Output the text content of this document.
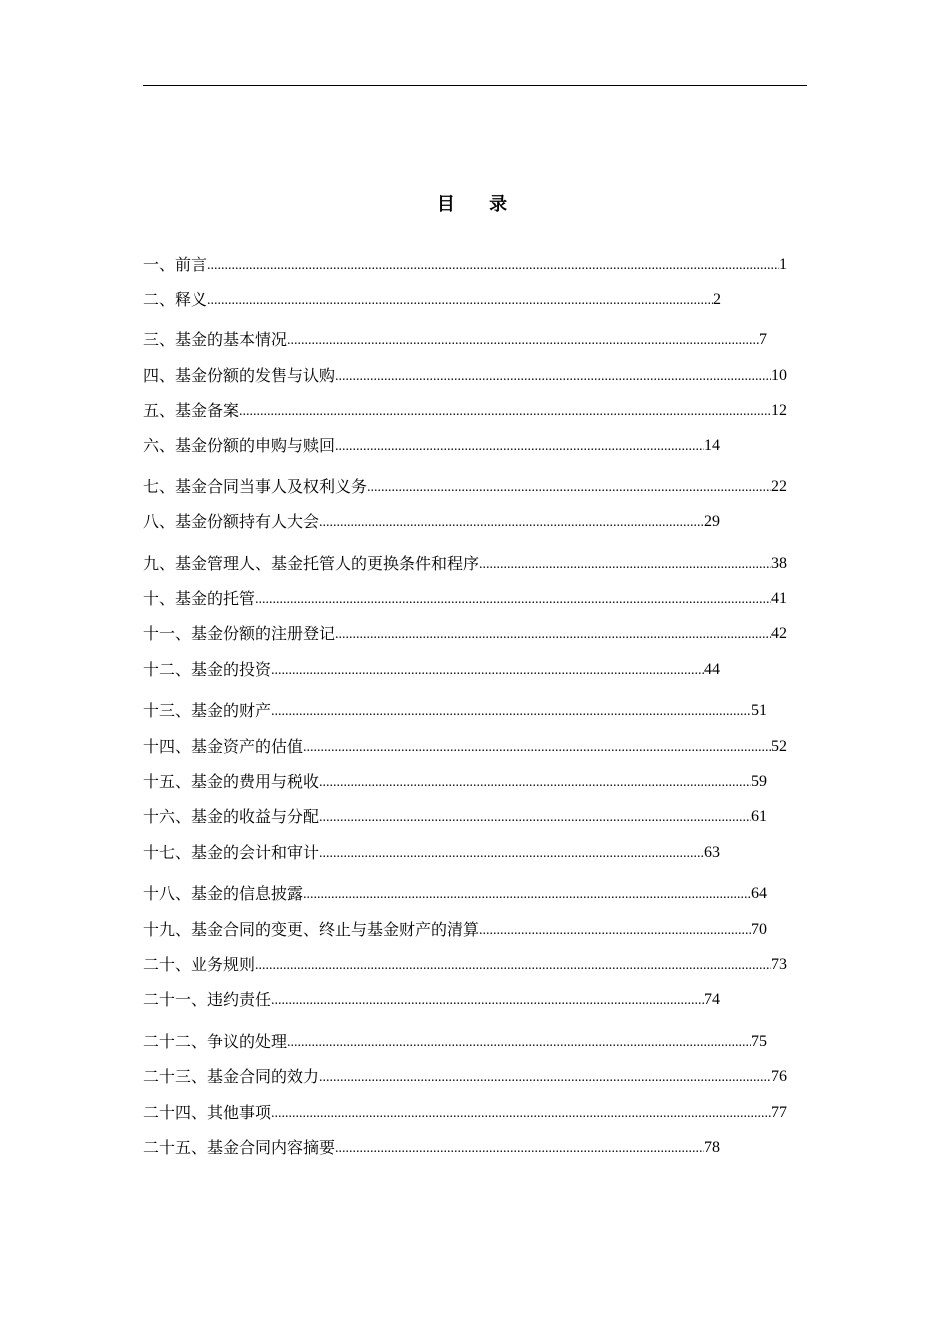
目 录
一、前言 .....	1
二、释义 .....	2
三、基金的基本情况 .....	7
四、基金份额的发售与认购 .....	10
五、基金备案 .....	12
六、基金份额的申购与赎回 .....	14
七、基金合同当事人及权利义务 .....	22
八、基金份额持有人大会 .....	29
九、基金管理人、基金托管人的更换条件和程序 .....	38
十、基金的托管 .....	41
十一、基金份额的注册登记 .....	42
十二、基金的投资 .....	44
十三、基金的财产 .....	51
十四、基金资产的估值 .....	52
十五、基金的费用与税收 .....	59
十六、基金的收益与分配 .....	61
十七、基金的会计和审计 .....	63
十八、基金的信息披露 .....	64
十九、基金合同的变更、终止与基金财产的清算 .....	70
二十、业务规则 .....	73
二十一、违约责任 .....	74
二十二、争议的处理 .....	75
二十三、基金合同的效力 .....	76
二十四、其他事项 .....	77
二十五、基金合同内容摘要 .....	78
